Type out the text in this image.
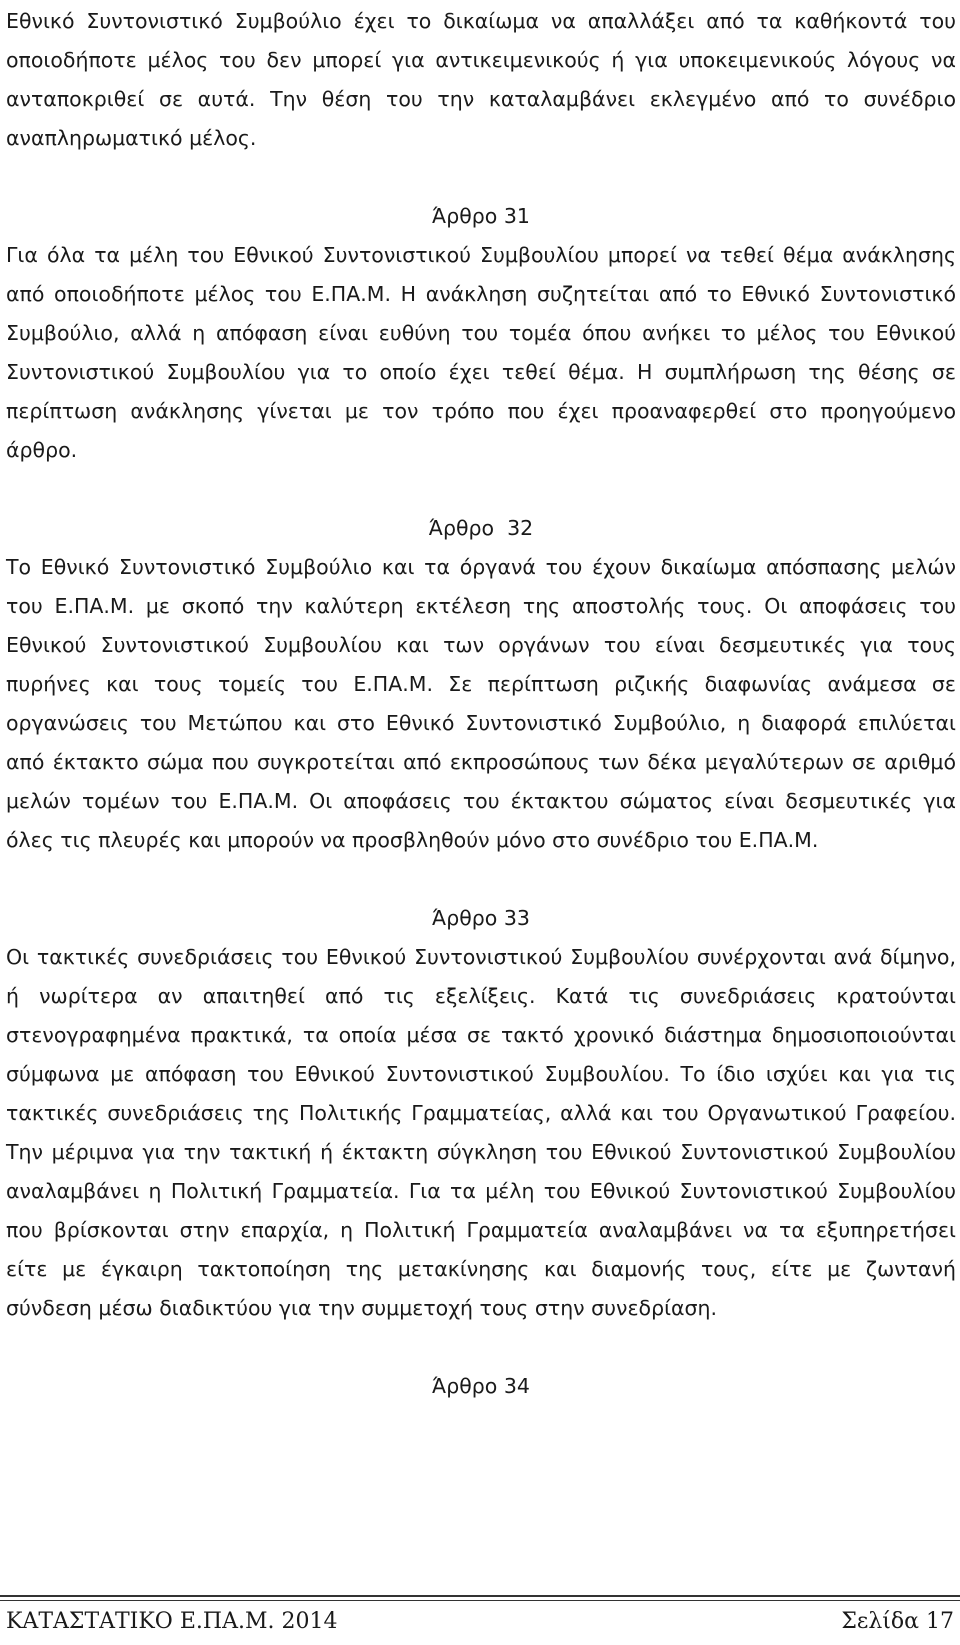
Εθνικό Συντονιστικό Συμβούλιο έχει το δικαίωμα να απαλλάξει από τα καθήκοντά του οποιοδήποτε μέλος του δεν μπορεί για αντικειμενικούς ή για υποκειμενικούς λόγους να ανταποκριθεί σε αυτά. Την θέση του την καταλαμβάνει εκλεγμένο από το συνέδριο αναπληρωματικό μέλος.

Άρθρο 31

Για όλα τα μέλη του Εθνικού Συντονιστικού Συμβουλίου μπορεί να τεθεί θέμα ανάκλησης από οποιοδήποτε μέλος του Ε.ΠΑ.Μ. Η ανάκληση συζητείται από το Εθνικό Συντονιστικό Συμβούλιο, αλλά η απόφαση είναι ευθύνη του τομέα όπου ανήκει το μέλος του Εθνικού Συντονιστικού Συμβουλίου για το οποίο έχει τεθεί θέμα. Η συμπλήρωση της θέσης σε περίπτωση ανάκλησης γίνεται με τον τρόπο που έχει προαναφερθεί στο προηγούμενο άρθρο.

Άρθρο  32

Το Εθνικό Συντονιστικό Συμβούλιο και τα όργανά του έχουν δικαίωμα απόσπασης μελών του Ε.ΠΑ.Μ. με σκοπό την καλύτερη εκτέλεση της αποστολής τους. Οι αποφάσεις του Εθνικού Συντονιστικού Συμβουλίου και των οργάνων του είναι δεσμευτικές για τους πυρήνες και τους τομείς του Ε.ΠΑ.Μ. Σε περίπτωση ριζικής διαφωνίας ανάμεσα σε οργανώσεις του Μετώπου και στο Εθνικό Συντονιστικό Συμβούλιο, η διαφορά επιλύεται από έκτακτο σώμα που συγκροτείται από εκπροσώπους των δέκα μεγαλύτερων σε αριθμό μελών τομέων του Ε.ΠΑ.Μ. Οι αποφάσεις του έκτακτου σώματος είναι δεσμευτικές για όλες τις πλευρές και μπορούν να προσβληθούν μόνο στο συνέδριο του Ε.ΠΑ.Μ.

Άρθρο 33

Οι τακτικές συνεδριάσεις του Εθνικού Συντονιστικού Συμβουλίου συνέρχονται ανά δίμηνο, ή νωρίτερα αν απαιτηθεί από τις εξελίξεις. Κατά τις συνεδριάσεις κρατούνται στενογραφημένα πρακτικά, τα οποία μέσα σε τακτό χρονικό διάστημα δημοσιοποιούνται σύμφωνα με απόφαση του Εθνικού Συντονιστικού Συμβουλίου. Το ίδιο ισχύει και για τις τακτικές συνεδριάσεις της Πολιτικής Γραμματείας, αλλά και του Οργανωτικού Γραφείου. Την μέριμνα για την τακτική ή έκτακτη σύγκληση του Εθνικού Συντονιστικού Συμβουλίου αναλαμβάνει η Πολιτική Γραμματεία. Για τα μέλη του Εθνικού Συντονιστικού Συμβουλίου που βρίσκονται στην επαρχία, η Πολιτική Γραμματεία αναλαμβάνει να τα εξυπηρετήσει είτε με έγκαιρη τακτοποίηση της μετακίνησης και διαμονής τους, είτε με ζωντανή σύνδεση μέσω διαδικτύου για την συμμετοχή τους στην συνεδρίαση.

Άρθρο 34

ΚΑΤΑΣΤΑΤΙΚΟ Ε.ΠΑ.Μ. 2014	Σελίδα 17
